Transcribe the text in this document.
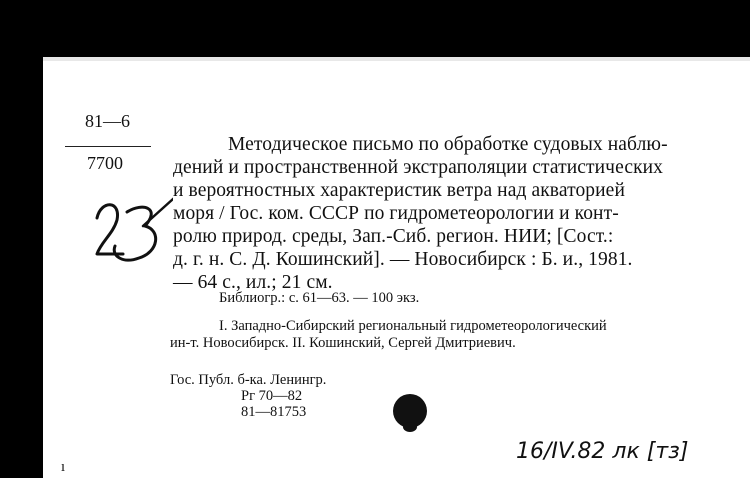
81—6
7700
Методическое письмо по обработке судовых наблю-
дений и пространственной экстраполяции статистических
и вероятностных характеристик ветра над акваторией
моря / Гос. ком. СССР по гидрометеорологии и конт-
ролю природ. среды, Зап.-Сиб. регион. НИИ; [Сост.:
д. г. н. С. Д. Кошинский]. — Новосибирск : Б. и., 1981.
— 64 с., ил.; 21 см.
Библиогр.: с. 61—63. — 100 экз.
I. Западно-Сибирский региональный гидрометеорологический
ин-т. Новосибирск. II. Кошинский, Сергей Дмитриевич.
Гос. Публ. б-ка. Ленингр.
Рг 70—82
81—81753
16/IV.82 лк [тз]
ı
